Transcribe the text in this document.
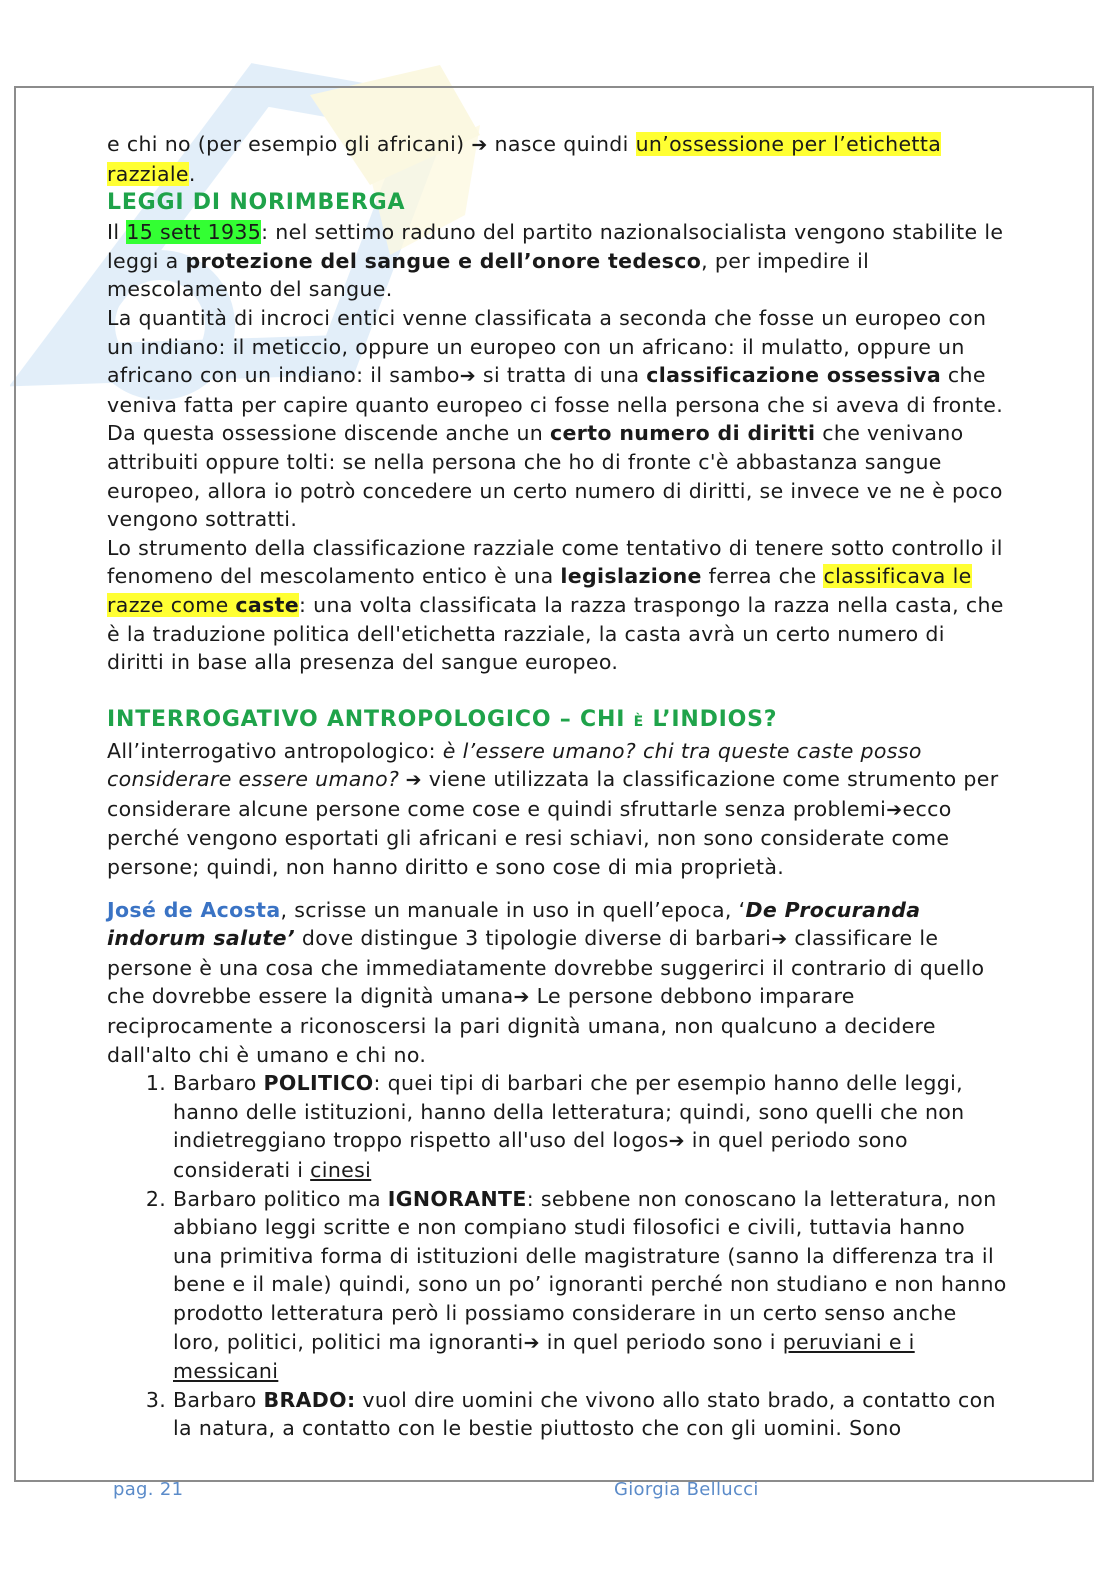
e chi no (per esempio gli africani) ➔ nasce quindi un’ossessione per l’etichetta razziale.

LEGGI DI NORIMBERGA

Il 15 sett 1935: nel settimo raduno del partito nazionalsocialista vengono stabilite le leggi a protezione del sangue e dell’onore tedesco, per impedire il mescolamento del sangue.

La quantità di incroci entici venne classificata a seconda che fosse un europeo con un indiano: il meticcio, oppure un europeo con un africano: il mulatto, oppure un africano con un indiano: il sambo➔ si tratta di una classificazione ossessiva che veniva fatta per capire quanto europeo ci fosse nella persona che si aveva di fronte. Da questa ossessione discende anche un certo numero di diritti che venivano attribuiti oppure tolti: se nella persona che ho di fronte c'è abbastanza sangue europeo, allora io potrò concedere un certo numero di diritti, se invece ve ne è poco vengono sottratti.

Lo strumento della classificazione razziale come tentativo di tenere sotto controllo il fenomeno del mescolamento entico è una legislazione ferrea che classificava le razze come caste: una volta classificata la razza traspongo la razza nella casta, che è la traduzione politica dell'etichetta razziale, la casta avrà un certo numero di diritti in base alla presenza del sangue europeo.

INTERROGATIVO ANTROPOLOGICO – CHI È L’INDIOS?

All’interrogativo antropologico: è l’essere umano? chi tra queste caste posso considerare essere umano? ➔ viene utilizzata la classificazione come strumento per considerare alcune persone come cose e quindi sfruttarle senza problemi➔ecco perché vengono esportati gli africani e resi schiavi, non sono considerate come persone; quindi, non hanno diritto e sono cose di mia proprietà.

José de Acosta, scrisse un manuale in uso in quell’epoca, ‘De Procuranda indorum salute’ dove distingue 3 tipologie diverse di barbari➔ classificare le persone è una cosa che immediatamente dovrebbe suggerirci il contrario di quello che dovrebbe essere la dignità umana➔ Le persone debbono imparare reciprocamente a riconoscersi la pari dignità umana, non qualcuno a decidere dall'alto chi è umano e chi no.

1. Barbaro POLITICO: quei tipi di barbari che per esempio hanno delle leggi, hanno delle istituzioni, hanno della letteratura; quindi, sono quelli che non indietreggiano troppo rispetto all'uso del logos➔ in quel periodo sono considerati i cinesi
2. Barbaro politico ma IGNORANTE: sebbene non conoscano la letteratura, non abbiano leggi scritte e non compiano studi filosofici e civili, tuttavia hanno una primitiva forma di istituzioni delle magistrature (sanno la differenza tra il bene e il male) quindi, sono un po’ ignoranti perché non studiano e non hanno prodotto letteratura però li possiamo considerare in un certo senso anche loro, politici, politici ma ignoranti➔ in quel periodo sono i peruviani e i messicani
3. Barbaro BRADO: vuol dire uomini che vivono allo stato brado, a contatto con la natura, a contatto con le bestie piuttosto che con gli uomini. Sono
pag. 21	Giorgia Bellucci
